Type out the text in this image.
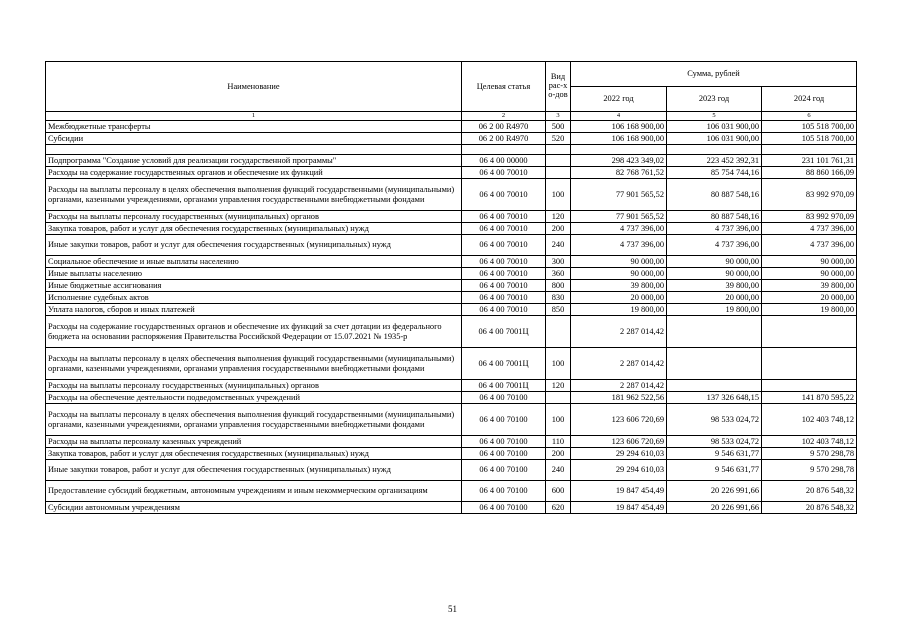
Наименование	Целевая статья	Вид рас-хо-дов	Сумма, рублей		
			2022 год	2023 год	2024 год
1	2	3	4	5	6
Межбюджетные трансферты	06 2 00 R4970	500	106 168 900,00	106 031 900,00	105 518 700,00
Субсидии	06 2 00 R4970	520	106 168 900,00	106 031 900,00	105 518 700,00

Подпрограмма "Создание условий для реализации государственной программы"	06 4 00 00000		298 423 349,02	223 452 392,31	231 101 761,31
Расходы на содержание государственных органов и обеспечение их функций	06 4 00 70010		82 768 761,52	85 754 744,16	88 860 166,09
Расходы на выплаты персоналу в целях обеспечения выполнения функций государственными (муниципальными) органами, казенными учреждениями, органами управления государственными внебюджетными фондами	06 4 00 70010	100	77 901 565,52	80 887 548,16	83 992 970,09
Расходы на выплаты персоналу государственных (муниципальных) органов	06 4 00 70010	120	77 901 565,52	80 887 548,16	83 992 970,09
Закупка товаров, работ и услуг для обеспечения государственных (муниципальных) нужд	06 4 00 70010	200	4 737 396,00	4 737 396,00	4 737 396,00
Иные закупки товаров, работ и услуг для обеспечения государственных (муниципальных) нужд	06 4 00 70010	240	4 737 396,00	4 737 396,00	4 737 396,00
Социальное обеспечение и иные выплаты населению	06 4 00 70010	300	90 000,00	90 000,00	90 000,00
Иные выплаты населению	06 4 00 70010	360	90 000,00	90 000,00	90 000,00
Иные бюджетные ассигнования	06 4 00 70010	800	39 800,00	39 800,00	39 800,00
Исполнение судебных актов	06 4 00 70010	830	20 000,00	20 000,00	20 000,00
Уплата налогов, сборов и иных платежей	06 4 00 70010	850	19 800,00	19 800,00	19 800,00
Расходы на содержание государственных органов и обеспечение их функций за счет дотации из федерального бюджета на основании распоряжения Правительства Российской Федерации от 15.07.2021 № 1935-р	06 4 00 7001Ц		2 287 014,42		
Расходы на выплаты персоналу в целях обеспечения выполнения функций государственными (муниципальными) органами, казенными учреждениями, органами управления государственными внебюджетными фондами	06 4 00 7001Ц	100	2 287 014,42		
Расходы на выплаты персоналу государственных (муниципальных) органов	06 4 00 7001Ц	120	2 287 014,42		
Расходы на обеспечение деятельности подведомственных учреждений	06 4 00 70100		181 962 522,56	137 326 648,15	141 870 595,22
Расходы на выплаты персоналу в целях обеспечения выполнения функций государственными (муниципальными) органами, казенными учреждениями, органами управления государственными внебюджетными фондами	06 4 00 70100	100	123 606 720,69	98 533 024,72	102 403 748,12
Расходы на выплаты персоналу казенных учреждений	06 4 00 70100	110	123 606 720,69	98 533 024,72	102 403 748,12
Закупка товаров, работ и услуг для обеспечения государственных (муниципальных) нужд	06 4 00 70100	200	29 294 610,03	9 546 631,77	9 570 298,78
Иные закупки товаров, работ и услуг для обеспечения государственных (муниципальных) нужд	06 4 00 70100	240	29 294 610,03	9 546 631,77	9 570 298,78
Предоставление субсидий бюджетным, автономным учреждениям и иным некоммерческим организациям	06 4 00 70100	600	19 847 454,49	20 226 991,66	20 876 548,32
Субсидии автономным учреждениям	06 4 00 70100	620	19 847 454,49	20 226 991,66	20 876 548,32
51
